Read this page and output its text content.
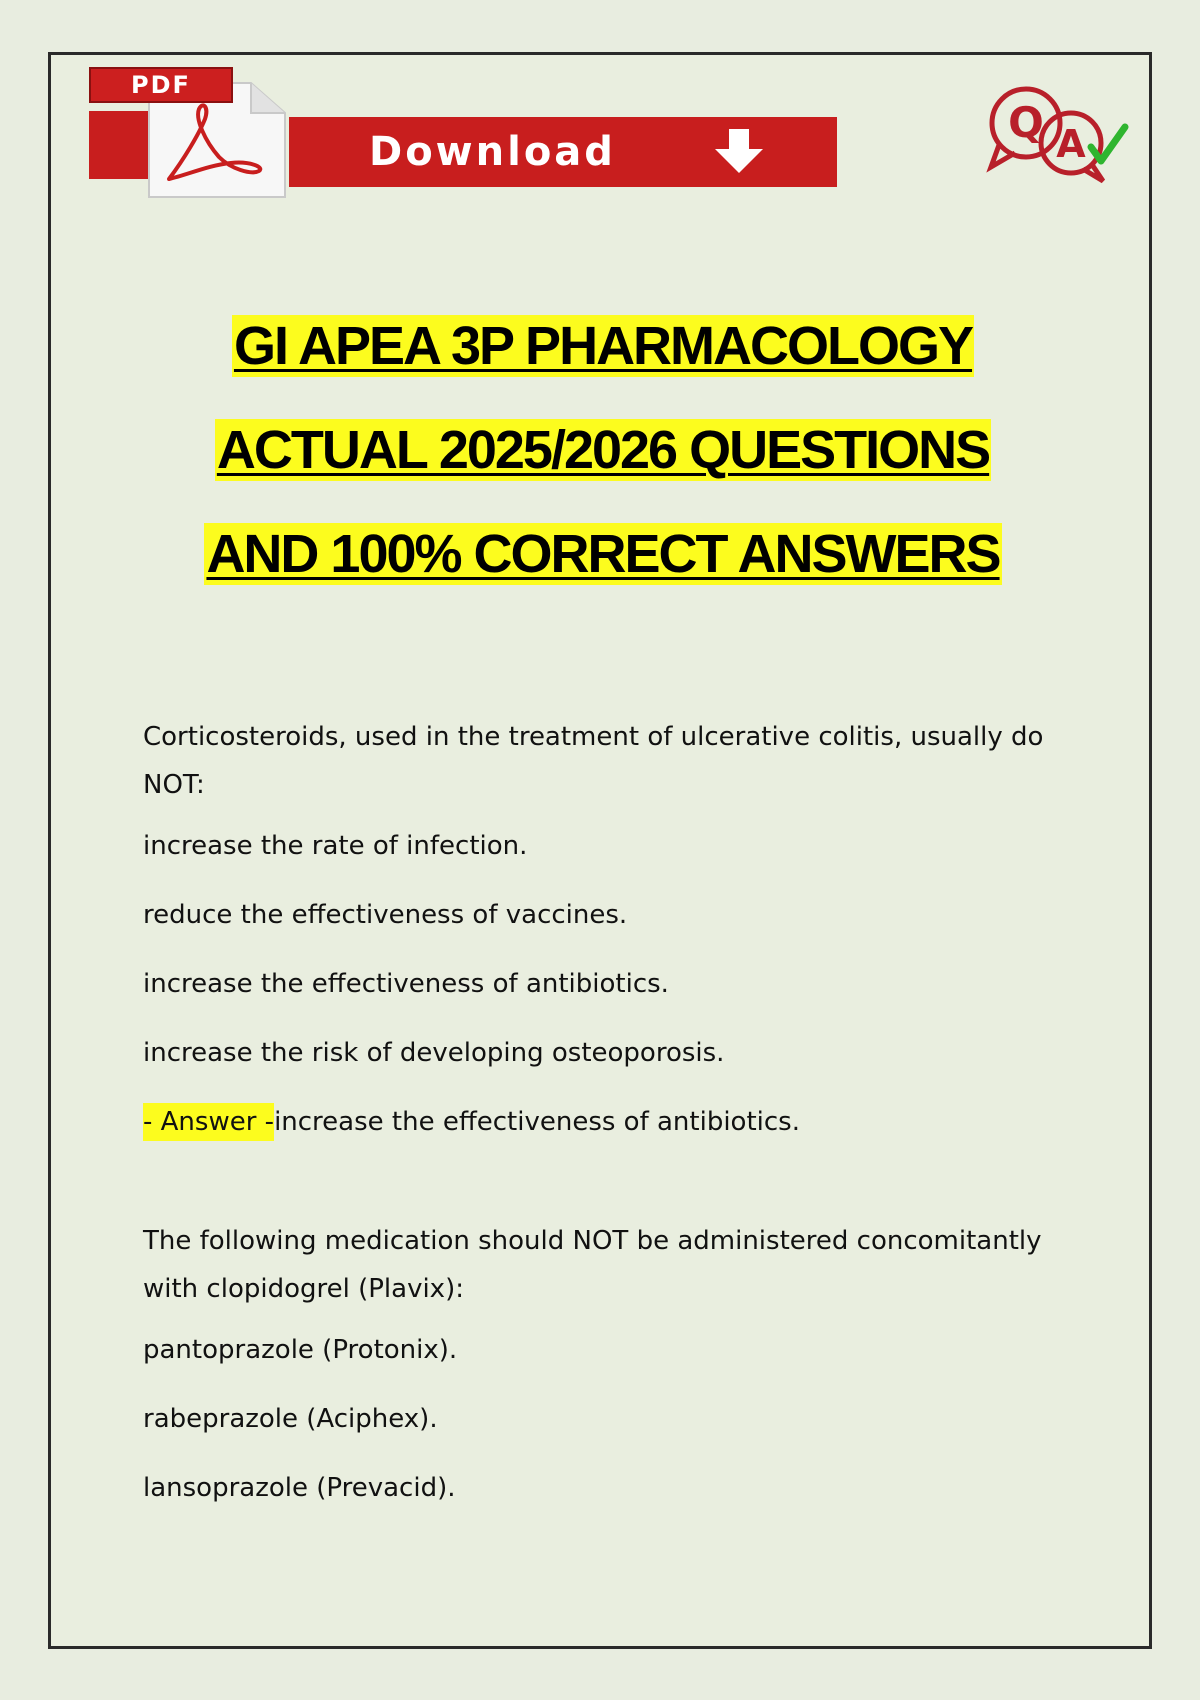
PDF
Download
Q A
GI APEA 3P PHARMACOLOGY
ACTUAL 2025/2026 QUESTIONS
AND 100% CORRECT ANSWERS

Corticosteroids, used in the treatment of ulcerative colitis, usually do NOT:

increase the rate of infection.

reduce the effectiveness of vaccines.

increase the effectiveness of antibiotics.

increase the risk of developing osteoporosis.

- Answer -increase the effectiveness of antibiotics.

The following medication should NOT be administered concomitantly with clopidogrel (Plavix):

pantoprazole (Protonix).

rabeprazole (Aciphex).

lansoprazole (Prevacid).
